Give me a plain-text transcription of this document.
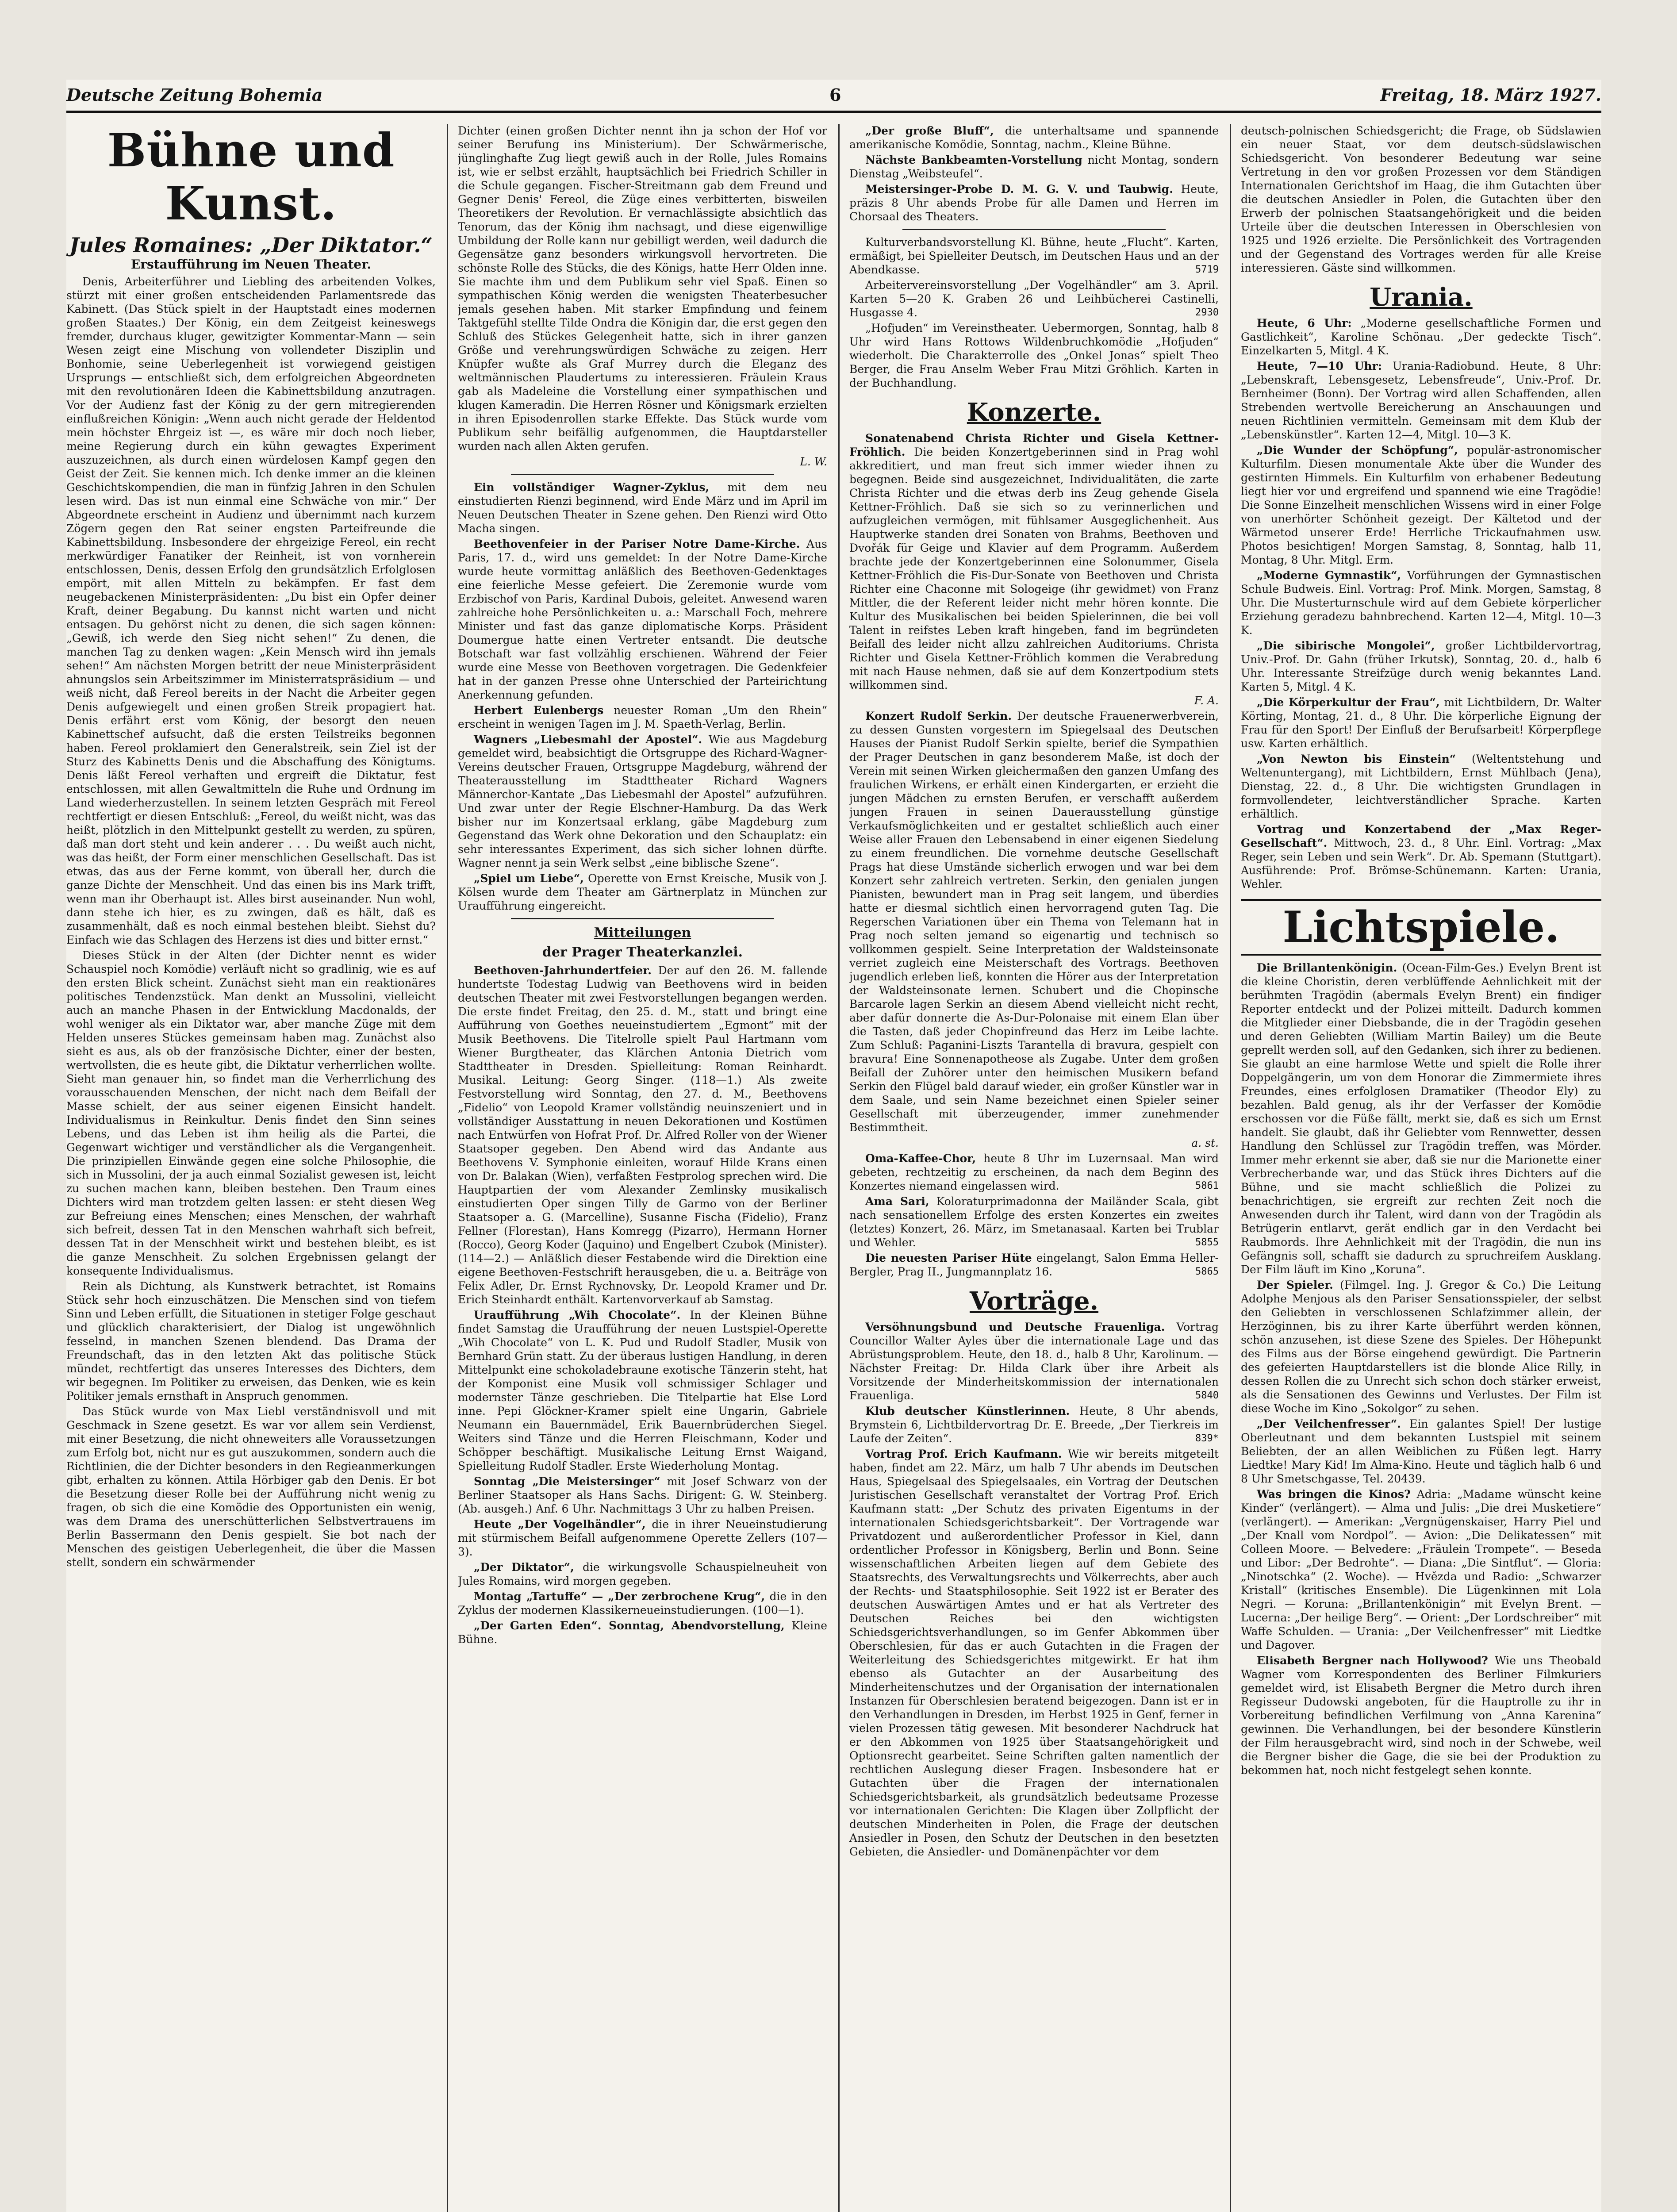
Deutsche Zeitung Bohemia	6	Freitag, 18. März 1927.
Bühne und Kunst.
Jules Romaines: „Der Diktator.“
Erstaufführung im Neuen Theater.

Denis, Arbeiterführer und Liebling des arbeitenden Volkes, stürzt mit einer großen entscheidenden Parlamentsrede das Kabinett. (Das Stück spielt in der Hauptstadt eines modernen großen Staates.) Der König, ein dem Zeitgeist keineswegs fremder, durchaus kluger, gewitzigter Kommentar-Mann — sein Wesen zeigt eine Mischung von vollendeter Disziplin und Bonhomie, seine Ueberlegenheit ist vorwiegend geistigen Ursprungs — entschließt sich, dem erfolgreichen Abgeordneten mit den revolutionären Ideen die Kabinettsbildung anzutragen. Vor der Audienz fast der König zu der gern mitregierenden einflußreichen Königin: „Wenn auch nicht gerade der Heldentod mein höchster Ehrgeiz ist —, es wäre mir doch noch lieber, meine Regierung durch ein kühn gewagtes Experiment auszuzeichnen, als durch einen würdelosen Kampf gegen den Geist der Zeit. Sie kennen mich. Ich denke immer an die kleinen Geschichtskompendien, die man in fünfzig Jahren in den Schulen lesen wird. Das ist nun einmal eine Schwäche von mir.“ Der Abgeordnete erscheint in Audienz und übernimmt nach kurzem Zögern gegen den Rat seiner engsten Parteifreunde die Kabinettsbildung. Insbesondere der ehrgeizige Fereol, ein recht merkwürdiger Fanatiker der Reinheit, ist von vornherein entschlossen, Denis, dessen Erfolg den grundsätzlich Erfolglosen empört, mit allen Mitteln zu bekämpfen. Er fast dem neugebackenen Ministerpräsidenten: „Du bist ein Opfer deiner Kraft, deiner Begabung. Du kannst nicht warten und nicht entsagen. Du gehörst nicht zu denen, die sich sagen können: „Gewiß, ich werde den Sieg nicht sehen!“ Zu denen, die manchen Tag zu denken wagen: „Kein Mensch wird ihn jemals sehen!“ Am nächsten Morgen betritt der neue Ministerpräsident ahnungslos sein Arbeitszimmer im Ministerratspräsidium — und weiß nicht, daß Fereol bereits in der Nacht die Arbeiter gegen Denis aufgewiegelt und einen großen Streik propagiert hat. Denis erfährt erst vom König, der besorgt den neuen Kabinettschef aufsucht, daß die ersten Teilstreiks begonnen haben. Fereol proklamiert den Generalstreik, sein Ziel ist der Sturz des Kabinetts Denis und die Abschaffung des Königtums. Denis läßt Fereol verhaften und ergreift die Diktatur, fest entschlossen, mit allen Gewaltmitteln die Ruhe und Ordnung im Land wiederherzustellen. In seinem letzten Gespräch mit Fereol rechtfertigt er diesen Entschluß: „Fereol, du weißt nicht, was das heißt, plötzlich in den Mittelpunkt gestellt zu werden, zu spüren, daß man dort steht und kein anderer . . . Du weißt auch nicht, was das heißt, der Form einer menschlichen Gesellschaft. Das ist etwas, das aus der Ferne kommt, von überall her, durch die ganze Dichte der Menschheit. Und das einen bis ins Mark trifft, wenn man ihr Oberhaupt ist. Alles birst auseinander. Nun wohl, dann stehe ich hier, es zu zwingen, daß es hält, daß es zusammenhält, daß es noch einmal bestehen bleibt. Siehst du? Einfach wie das Schlagen des Herzens ist dies und bitter ernst.“

Dieses Stück in der Alten (der Dichter nennt es wider Schauspiel noch Komödie) verläuft nicht so gradlinig, wie es auf den ersten Blick scheint. Zunächst sieht man ein reaktionäres politisches Tendenzstück. Man denkt an Mussolini, vielleicht auch an manche Phasen in der Entwicklung Macdonalds, der wohl weniger als ein Diktator war, aber manche Züge mit dem Helden unseres Stückes gemeinsam haben mag. Zunächst also sieht es aus, als ob der französische Dichter, einer der besten, wertvollsten, die es heute gibt, die Diktatur verherrlichen wollte. Sieht man genauer hin, so findet man die Verherrlichung des vorausschauenden Menschen, der nicht nach dem Beifall der Masse schielt, der aus seiner eigenen Einsicht handelt. Individualismus in Reinkultur. Denis findet den Sinn seines Lebens, und das Leben ist ihm heilig als die Partei, die Gegenwart wichtiger und verständlicher als die Vergangenheit. Die prinzipiellen Einwände gegen eine solche Philosophie, die sich in Mussolini, der ja auch einmal Sozialist gewesen ist, leicht zu suchen machen kann, bleiben bestehen. Den Traum eines Dichters wird man trotzdem gelten lassen: er steht diesen Weg zur Befreiung eines Menschen; eines Menschen, der wahrhaft sich befreit, dessen Tat in den Menschen wahrhaft sich befreit, dessen Tat in der Menschheit wirkt und bestehen bleibt, es ist die ganze Menschheit. Zu solchen Ergebnissen gelangt der konsequente Individualismus.

Rein als Dichtung, als Kunstwerk betrachtet, ist Romains Stück sehr hoch einzuschätzen. Die Menschen sind von tiefem Sinn und Leben erfüllt, die Situationen in stetiger Folge geschaut und glücklich charakterisiert, der Dialog ist ungewöhnlich fesselnd, in manchen Szenen blendend. Das Drama der Freundschaft, das in den letzten Akt das politische Stück mündet, rechtfertigt das unseres Interesses des Dichters, dem wir begegnen. Im Politiker zu erweisen, das Denken, wie es kein Politiker jemals ernsthaft in Anspruch genommen.

Das Stück wurde von Max Liebl verständnisvoll und mit Geschmack in Szene gesetzt. Es war vor allem sein Verdienst, mit einer Besetzung, die nicht ohneweiters alle Voraussetzungen zum Erfolg bot, nicht nur es gut auszukommen, sondern auch die Richtlinien, die der Dichter besonders in den Regieanmerkungen gibt, erhalten zu können. Attila Hörbiger gab den Denis. Er bot die Besetzung dieser Rolle bei der Aufführung nicht wenig zu fragen, ob sich die eine Komödie des Opportunisten ein wenig, was dem Drama des unerschütterlichen Selbstvertrauens im Berlin Bassermann den Denis gespielt. Sie bot nach der Menschen des geistigen Ueberlegenheit, die über die Massen stellt, sondern ein schwärmender

Dichter (einen großen Dichter nennt ihn ja schon der Hof vor seiner Berufung ins Ministerium). Der Schwärmerische, jünglinghafte Zug liegt gewiß auch in der Rolle, Jules Romains ist, wie er selbst erzählt, hauptsächlich bei Friedrich Schiller in die Schule gegangen. Fischer-Streitmann gab dem Freund und Gegner Denis' Fereol, die Züge eines verbitterten, bisweilen Theoretikers der Revolution. Er vernachlässigte absichtlich das Tenorum, das der König ihm nachsagt, und diese eigenwillige Umbildung der Rolle kann nur gebilligt werden, weil dadurch die Gegensätze ganz besonders wirkungsvoll hervortreten. Die schönste Rolle des Stücks, die des Königs, hatte Herr Olden inne. Sie machte ihm und dem Publikum sehr viel Spaß. Einen so sympathischen König werden die wenigsten Theaterbesucher jemals gesehen haben. Mit starker Empfindung und feinem Taktgefühl stellte Tilde Ondra die Königin dar, die erst gegen den Schluß des Stückes Gelegenheit hatte, sich in ihrer ganzen Größe und verehrungswürdigen Schwäche zu zeigen. Herr Knüpfer wußte als Graf Murrey durch die Eleganz des weltmännischen Plaudertums zu interessieren. Fräulein Kraus gab als Madeleine die Vorstellung einer sympathischen und klugen Kameradin. Die Herren Rösner und Königsmark erzielten in ihren Episodenrollen starke Effekte. Das Stück wurde vom Publikum sehr beifällig aufgenommen, die Hauptdarsteller wurden nach allen Akten gerufen.

L. W.

Ein vollständiger Wagner-Zyklus, mit dem neu einstudierten Rienzi beginnend, wird Ende März und im April im Neuen Deutschen Theater in Szene gehen. Den Rienzi wird Otto Macha singen.

Beethovenfeier in der Pariser Notre Dame-Kirche. Aus Paris, 17. d., wird uns gemeldet: In der Notre Dame-Kirche wurde heute vormittag anläßlich des Beethoven-Gedenktages eine feierliche Messe gefeiert. Die Zeremonie wurde vom Erzbischof von Paris, Kardinal Dubois, geleitet. Anwesend waren zahlreiche hohe Persönlichkeiten u. a.: Marschall Foch, mehrere Minister und fast das ganze diplomatische Korps. Präsident Doumergue hatte einen Vertreter entsandt. Die deutsche Botschaft war fast vollzählig erschienen. Während der Feier wurde eine Messe von Beethoven vorgetragen. Die Gedenkfeier hat in der ganzen Presse ohne Unterschied der Parteirichtung Anerkennung gefunden.

Herbert Eulenbergs neuester Roman „Um den Rhein“ erscheint in wenigen Tagen im J. M. Spaeth-Verlag, Berlin.

Wagners „Liebesmahl der Apostel“. Wie aus Magdeburg gemeldet wird, beabsichtigt die Ortsgruppe des Richard-Wagner-Vereins deutscher Frauen, Ortsgruppe Magdeburg, während der Theaterausstellung im Stadttheater Richard Wagners Männerchor-Kantate „Das Liebesmahl der Apostel“ aufzuführen. Und zwar unter der Regie Elschner-Hamburg. Da das Werk bisher nur im Konzertsaal erklang, gäbe Magdeburg zum Gegenstand das Werk ohne Dekoration und den Schauplatz: ein sehr interessantes Experiment, das sich sicher lohnen dürfte. Wagner nennt ja sein Werk selbst „eine biblische Szene“.

„Spiel um Liebe“, Operette von Ernst Kreische, Musik von J. Kölsen wurde dem Theater am Gärtnerplatz in München zur Uraufführung eingereicht.

Mitteilungen
der Prager Theaterkanzlei.

Beethoven-Jahrhundertfeier. Der auf den 26. M. fallende hundertste Todestag Ludwig van Beethovens wird in beiden deutschen Theater mit zwei Festvorstellungen begangen werden. Die erste findet Freitag, den 25. d. M., statt und bringt eine Aufführung von Goethes neueinstudiertem „Egmont“ mit der Musik Beethovens. Die Titelrolle spielt Paul Hartmann vom Wiener Burgtheater, das Klärchen Antonia Dietrich vom Stadttheater in Dresden. Spielleitung: Roman Reinhardt. Musikal. Leitung: Georg Singer. (118—1.) Als zweite Festvorstellung wird Sonntag, den 27. d. M., Beethovens „Fidelio“ von Leopold Kramer vollständig neuinszeniert und in vollständiger Ausstattung in neuen Dekorationen und Kostümen nach Entwürfen von Hofrat Prof. Dr. Alfred Roller von der Wiener Staatsoper gegeben. Den Abend wird das Andante aus Beethovens V. Symphonie einleiten, worauf Hilde Krans einen von Dr. Balakan (Wien), verfaßten Festprolog sprechen wird. Die Hauptpartien der vom Alexander Zemlinsky musikalisch einstudierten Oper singen Tilly de Garmo von der Berliner Staatsoper a. G. (Marcelline), Susanne Fischa (Fidelio), Franz Fellner (Florestan), Hans Komregg (Pizarro), Hermann Horner (Rocco), Georg Koder (Jaquino) und Engelbert Czubok (Minister). (114—2.) — Anläßlich dieser Festabende wird die Direktion eine eigene Beethoven-Festschrift herausgeben, die u. a. Beiträge von Felix Adler, Dr. Ernst Rychnovsky, Dr. Leopold Kramer und Dr. Erich Steinhardt enthält. Kartenvorverkauf ab Samstag.

Uraufführung „Wih Chocolate“. In der Kleinen Bühne findet Samstag die Uraufführung der neuen Lustspiel-Operette „Wih Chocolate“ von L. K. Pud und Rudolf Stadler, Musik von Bernhard Grün statt. Zu der überaus lustigen Handlung, in deren Mittelpunkt eine schokoladebraune exotische Tänzerin steht, hat der Komponist eine Musik voll schmissiger Schlager und modernster Tänze geschrieben. Die Titelpartie hat Else Lord inne. Pepi Glöckner-Kramer spielt eine Ungarin, Gabriele Neumann ein Bauernmädel, Erik Bauernbrüderchen Siegel. Weiters sind Tänze und die Herren Fleischmann, Koder und Schöpper beschäftigt. Musikalische Leitung Ernst Waigand, Spielleitung Rudolf Stadler. Erste Wiederholung Montag.

Sonntag „Die Meistersinger“ mit Josef Schwarz von der Berliner Staatsoper als Hans Sachs. Dirigent: G. W. Steinberg. (Ab. ausgeh.) Anf. 6 Uhr. Nachmittags 3 Uhr zu halben Preisen.

Heute „Der Vogelhändler“, die in ihrer Neueinstudierung mit stürmischem Beifall aufgenommene Operette Zellers (107—3).

„Der Diktator“, die wirkungsvolle Schauspielneuheit von Jules Romains, wird morgen gegeben.

Montag „Tartuffe“ — „Der zerbrochene Krug“, die in den Zyklus der modernen Klassikerneueinstudierungen. (100—1).

„Der Garten Eden“. Sonntag, Abendvorstellung, Kleine Bühne.

„Der große Bluff“, die unterhaltsame und spannende amerikanische Komödie, Sonntag, nachm., Kleine Bühne.

Nächste Bankbeamten-Vorstellung nicht Montag, sondern Dienstag „Weibsteufel“.

Meistersinger-Probe D. M. G. V. und Taubwig. Heute, präzis 8 Uhr abends Probe für alle Damen und Herren im Chorsaal des Theaters.

Kulturverbandsvorstellung Kl. Bühne, heute „Flucht“. Karten, ermäßigt, bei Spielleiter Deutsch, im Deutschen Haus und an der Abendkasse.	5719

Arbeitervereinsvorstellung „Der Vogelhändler“ am 3. April. Karten 5—20 K. Graben 26 und Leihbücherei Castinelli, Husgasse 4.	2930

„Hofjuden“ im Vereinstheater. Uebermorgen, Sonntag, halb 8 Uhr wird Hans Rottows Wildenbruchkomödie „Hofjuden“ wiederholt. Die Charakterrolle des „Onkel Jonas“ spielt Theo Berger, die Frau Anselm Weber Frau Mitzi Gröhlich. Karten in der Buchhandlung.

Konzerte.

Sonatenabend Christa Richter und Gisela Kettner-Fröhlich. Die beiden Konzertgeberinnen sind in Prag wohl akkreditiert, und man freut sich immer wieder ihnen zu begegnen. Beide sind ausgezeichnet, Individualitäten, die zarte Christa Richter und die etwas derb ins Zeug gehende Gisela Kettner-Fröhlich. Daß sie sich so zu verinnerlichen und aufzugleichen vermögen, mit fühlsamer Ausgeglichenheit. Aus Hauptwerke standen drei Sonaten von Brahms, Beethoven und Dvořák für Geige und Klavier auf dem Programm. Außerdem brachte jede der Konzertgeberinnen eine Solonummer, Gisela Kettner-Fröhlich die Fis-Dur-Sonate von Beethoven und Christa Richter eine Chaconne mit Sologeige (ihr gewidmet) von Franz Mittler, die der Referent leider nicht mehr hören konnte. Die Kultur des Musikalischen bei beiden Spielerinnen, die bei voll Talent in reifstes Leben kraft hingeben, fand im begründeten Beifall des leider nicht allzu zahlreichen Auditoriums. Christa Richter und Gisela Kettner-Fröhlich kommen die Verabredung mit nach Hause nehmen, daß sie auf dem Konzertpodium stets willkommen sind.

F. A.

Konzert Rudolf Serkin. Der deutsche Frauenerwerbverein, zu dessen Gunsten vorgestern im Spiegelsaal des Deutschen Hauses der Pianist Rudolf Serkin spielte, berief die Sympathien der Prager Deutschen in ganz besonderem Maße, ist doch der Verein mit seinen Wirken gleichermaßen den ganzen Umfang des fraulichen Wirkens, er erhält einen Kindergarten, er erzieht die jungen Mädchen zu ernsten Berufen, er verschafft außerdem jungen Frauen in seinen Dauerausstellung günstige Verkaufsmöglichkeiten und er gestaltet schließlich auch einer Weise aller Frauen den Lebensabend in einer eigenen Siedelung zu einem freundlichen. Die vornehme deutsche Gesellschaft Prags hat diese Umstände sicherlich erwogen und war bei dem Konzert sehr zahlreich vertreten. Serkin, den genialen jungen Pianisten, bewundert man in Prag seit langem, und überdies hatte er diesmal sichtlich einen hervorragend guten Tag. Die Regerschen Variationen über ein Thema von Telemann hat in Prag noch selten jemand so eigenartig und technisch so vollkommen gespielt. Seine Interpretation der Waldsteinsonate verriet zugleich eine Meisterschaft des Vortrags. Beethoven jugendlich erleben ließ, konnten die Hörer aus der Interpretation der Waldsteinsonate lernen. Schubert und die Chopinsche Barcarole lagen Serkin an diesem Abend vielleicht nicht recht, aber dafür donnerte die As-Dur-Polonaise mit einem Elan über die Tasten, daß jeder Chopinfreund das Herz im Leibe lachte. Zum Schluß: Paganini-Liszts Tarantella di bravura, gespielt con bravura! Eine Sonnenapotheose als Zugabe. Unter dem großen Beifall der Zuhörer unter den heimischen Musikern befand Serkin den Flügel bald darauf wieder, ein großer Künstler war in dem Saale, und sein Name bezeichnet einen Spieler seiner Gesellschaft mit überzeugender, immer zunehmender Bestimmtheit.

a. st.

Oma-Kaffee-Chor, heute 8 Uhr im Luzernsaal. Man wird gebeten, rechtzeitig zu erscheinen, da nach dem Beginn des Konzertes niemand eingelassen wird.	5861

Ama Sari, Koloraturprimadonna der Mailänder Scala, gibt nach sensationellem Erfolge des ersten Konzertes ein zweites (letztes) Konzert, 26. März, im Smetanasaal. Karten bei Trublar und Wehler.	5855

Die neuesten Pariser Hüte eingelangt, Salon Emma Heller-Bergler, Prag II., Jungmannplatz 16.	5865

Vorträge.

Versöhnungsbund und Deutsche Frauenliga. Vortrag Councillor Walter Ayles über die internationale Lage und das Abrüstungsproblem. Heute, den 18. d., halb 8 Uhr, Karolinum. — Nächster Freitag: Dr. Hilda Clark über ihre Arbeit als Vorsitzende der Minderheitskommission der internationalen Frauenliga.	5840

Klub deutscher Künstlerinnen. Heute, 8 Uhr abends, Brymstein 6, Lichtbildervortrag Dr. E. Breede, „Der Tierkreis im Laufe der Zeiten“.	839*

Vortrag Prof. Erich Kaufmann. Wie wir bereits mitgeteilt haben, findet am 22. März, um halb 7 Uhr abends im Deutschen Haus, Spiegelsaal des Spiegelsaales, ein Vortrag der Deutschen Juristischen Gesellschaft veranstaltet der Vortrag Prof. Erich Kaufmann statt: „Der Schutz des privaten Eigentums in der internationalen Schiedsgerichtsbarkeit“. Der Vortragende war Privatdozent und außerordentlicher Professor in Kiel, dann ordentlicher Professor in Königsberg, Berlin und Bonn. Seine wissenschaftlichen Arbeiten liegen auf dem Gebiete des Staatsrechts, des Verwaltungsrechts und Völkerrechts, aber auch der Rechts- und Staatsphilosophie. Seit 1922 ist er Berater des deutschen Auswärtigen Amtes und er hat als Vertreter des Deutschen Reiches bei den wichtigsten Schiedsgerichtsverhandlungen, so im Genfer Abkommen über Oberschlesien, für das er auch Gutachten in die Fragen der Weiterleitung des Schiedsgerichtes mitgewirkt. Er hat ihm ebenso als Gutachter an der Ausarbeitung des Minderheitenschutzes und der Organisation der internationalen Instanzen für Oberschlesien beratend beigezogen. Dann ist er in den Verhandlungen in Dresden, im Herbst 1925 in Genf, ferner in vielen Prozessen tätig gewesen. Mit besonderer Nachdruck hat er den Abkommen von 1925 über Staatsangehörigkeit und Optionsrecht gearbeitet. Seine Schriften galten namentlich der rechtlichen Auslegung dieser Fragen. Insbesondere hat er Gutachten über die Fragen der internationalen Schiedsgerichtsbarkeit, als grundsätzlich bedeutsame Prozesse vor internationalen Gerichten: Die Klagen über Zollpflicht der deutschen Minderheiten in Polen, die Frage der deutschen Ansiedler in Posen, den Schutz der Deutschen in den besetzten Gebieten, die Ansiedler- und Domänenpächter vor dem

deutsch-polnischen Schiedsgericht; die Frage, ob Südslawien ein neuer Staat, vor dem deutsch-südslawischen Schiedsgericht. Von besonderer Bedeutung war seine Vertretung in den vor großen Prozessen vor dem Ständigen Internationalen Gerichtshof im Haag, die ihm Gutachten über die deutschen Ansiedler in Polen, die Gutachten über den Erwerb der polnischen Staatsangehörigkeit und die beiden Urteile über die deutschen Interessen in Oberschlesien von 1925 und 1926 erzielte. Die Persönlichkeit des Vortragenden und der Gegenstand des Vortrages werden für alle Kreise interessieren. Gäste sind willkommen.

Urania.

Heute, 6 Uhr: „Moderne gesellschaftliche Formen und Gastlichkeit“, Karoline Schönau. „Der gedeckte Tisch“. Einzelkarten 5, Mitgl. 4 K.

Heute, 7—10 Uhr: Urania-Radiobund. Heute, 8 Uhr: „Lebenskraft, Lebensgesetz, Lebensfreude“, Univ.-Prof. Dr. Bernheimer (Bonn). Der Vortrag wird allen Schaffenden, allen Strebenden wertvolle Bereicherung an Anschauungen und neuen Richtlinien vermitteln. Gemeinsam mit dem Klub der „Lebenskünstler“. Karten 12—4, Mitgl. 10—3 K.

„Die Wunder der Schöpfung“, populär-astronomischer Kulturfilm. Diesen monumentale Akte über die Wunder des gestirnten Himmels. Ein Kulturfilm von erhabener Bedeutung liegt hier vor und ergreifend und spannend wie eine Tragödie! Die Sonne Einzelheit menschlichen Wissens wird in einer Folge von unerhörter Schönheit gezeigt. Der Kältetod und der Wärmetod unserer Erde! Herrliche Trickaufnahmen usw. Photos besichtigen! Morgen Samstag, 8, Sonntag, halb 11, Montag, 8 Uhr. Mitgl. Erm.

„Moderne Gymnastik“, Vorführungen der Gymnastischen Schule Budweis. Einl. Vortrag: Prof. Mink. Morgen, Samstag, 8 Uhr. Die Musterturnschule wird auf dem Gebiete körperlicher Erziehung geradezu bahnbrechend. Karten 12—4, Mitgl. 10—3 K.

„Die sibirische Mongolei“, großer Lichtbildervortrag, Univ.-Prof. Dr. Gahn (früher Irkutsk), Sonntag, 20. d., halb 6 Uhr. Interessante Streifzüge durch wenig bekanntes Land. Karten 5, Mitgl. 4 K.

„Die Körperkultur der Frau“, mit Lichtbildern, Dr. Walter Körting, Montag, 21. d., 8 Uhr. Die körperliche Eignung der Frau für den Sport! Der Einfluß der Berufsarbeit! Körperpflege usw. Karten erhältlich.

„Von Newton bis Einstein“ (Weltentstehung und Weltenuntergang), mit Lichtbildern, Ernst Mühlbach (Jena), Dienstag, 22. d., 8 Uhr. Die wichtigsten Grundlagen in formvollendeter, leichtverständlicher Sprache. Karten erhältlich.

Vortrag und Konzertabend der „Max Reger-Gesellschaft“. Mittwoch, 23. d., 8 Uhr. Einl. Vortrag: „Max Reger, sein Leben und sein Werk“. Dr. Ab. Spemann (Stuttgart). Ausführende: Prof. Brömse-Schünemann. Karten: Urania, Wehler.

Lichtspiele.

Die Brillantenkönigin. (Ocean-Film-Ges.) Evelyn Brent ist die kleine Choristin, deren verblüffende Aehnlichkeit mit der berühmten Tragödin (abermals Evelyn Brent) ein findiger Reporter entdeckt und der Polizei mitteilt. Dadurch kommen die Mitglieder einer Diebsbande, die in der Tragödin gesehen und deren Geliebten (William Martin Bailey) um die Beute geprellt werden soll, auf den Gedanken, sich ihrer zu bedienen. Sie glaubt an eine harmlose Wette und spielt die Rolle ihrer Doppelgängerin, um von dem Honorar die Zimmermiete ihres Freundes, eines erfolglosen Dramatiker (Theodor Ely) zu bezahlen. Bald genug, als ihr der Verfasser der Komödie erschossen vor die Füße fällt, merkt sie, daß es sich um Ernst handelt. Sie glaubt, daß ihr Geliebter vom Rennwetter, dessen Handlung den Schlüssel zur Tragödin treffen, was Mörder. Immer mehr erkennt sie aber, daß sie nur die Marionette einer Verbrecherbande war, und das Stück ihres Dichters auf die Bühne, und sie macht schließlich die Polizei zu benachrichtigen, sie ergreift zur rechten Zeit noch die Anwesenden durch ihr Talent, wird dann von der Tragödin als Betrügerin entlarvt, gerät endlich gar in den Verdacht bei Raubmords. Ihre Aehnlichkeit mit der Tragödin, die nun ins Gefängnis soll, schafft sie dadurch zu spruchreifem Ausklang. Der Film läuft im Kino „Koruna“.

Der Spieler. (Filmgel. Ing. J. Gregor & Co.) Die Leitung Adolphe Menjous als den Pariser Sensationsspieler, der selbst den Geliebten in verschlossenen Schlafzimmer allein, der Herzöginnen, bis zu ihrer Karte überführt werden können, schön anzusehen, ist diese Szene des Spieles. Der Höhepunkt des Films aus der Börse eingehend gewürdigt. Die Partnerin des gefeierten Hauptdarstellers ist die blonde Alice Rilly, in dessen Rollen die zu Unrecht sich schon doch stärker erweist, als die Sensationen des Gewinns und Verlustes. Der Film ist diese Woche im Kino „Sokolgor“ zu sehen.

„Der Veilchenfresser“. Ein galantes Spiel! Der lustige Oberleutnant und dem bekannten Lustspiel mit seinem Beliebten, der an allen Weiblichen zu Füßen legt. Harry Liedtke! Mary Kid! Im Alma-Kino. Heute und täglich halb 6 und 8 Uhr Smetschgasse, Tel. 20439.

Was bringen die Kinos? Adria: „Madame wünscht keine Kinder“ (verlängert). — Alma und Julis: „Die drei Musketiere“ (verlängert). — Amerikan: „Vergnügenskaiser, Harry Piel und „Der Knall vom Nordpol“. — Avion: „Die Delikatessen“ mit Colleen Moore. — Belvedere: „Fräulein Trompete“. — Beseda und Libor: „Der Bedrohte“. — Diana: „Die Sintflut“. — Gloria: „Ninotschka“ (2. Woche). — Hvězda und Radio: „Schwarzer Kristall“ (kritisches Ensemble). Die Lügenkinnen mit Lola Negri. — Koruna: „Brillantenkönigin“ mit Evelyn Brent. — Lucerna: „Der heilige Berg“. — Orient: „Der Lordschreiber“ mit Waffe Schulden. — Urania: „Der Veilchenfresser“ mit Liedtke und Dagover.

Elisabeth Bergner nach Hollywood? Wie uns Theobald Wagner vom Korrespondenten des Berliner Filmkuriers gemeldet wird, ist Elisabeth Bergner die Metro durch ihren Regisseur Dudowski angeboten, für die Hauptrolle zu ihr in Vorbereitung befindlichen Verfilmung von „Anna Karenina“ gewinnen. Die Verhandlungen, bei der besondere Künstlerin der Film herausgebracht wird, sind noch in der Schwebe, weil die Bergner bisher die Gage, die sie bei der Produktion zu bekommen hat, noch nicht festgelegt sehen konnte.
